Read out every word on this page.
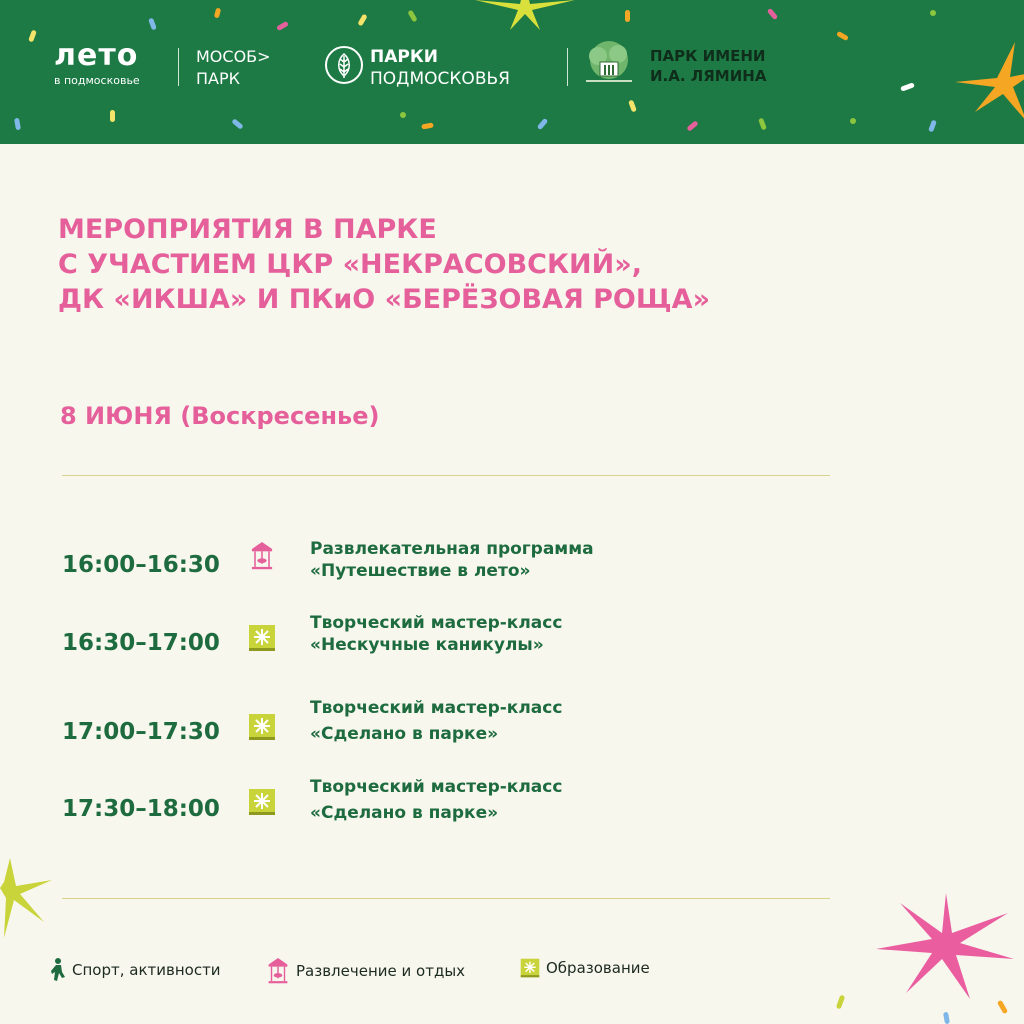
лето
в подмосковье
МОСОБ>
ПАРК
ПАРКИ
ПОДМОСКОВЬЯ
ПАРК ИМЕНИ
И.А. ЛЯМИНА
МЕРОПРИЯТИЯ В ПАРКЕ
С УЧАСТИЕМ ЦКР «НЕКРАСОВСКИЙ»,
ДК «ИКША» И ПКиО «БЕРЁЗОВАЯ РОЩА»
8 ИЮНЯ (Воскресенье)
16:00–16:30
Развлекательная программа
«Путешествие в лето»
16:30–17:00
Творческий мастер-класс
«Нескучные каникулы»
17:00–17:30
Творческий мастер-класс
«Сделано в парке»
17:30–18:00
Творческий мастер-класс
«Сделано в парке»
Спорт, активности	Развлечение и отдых	Образование
